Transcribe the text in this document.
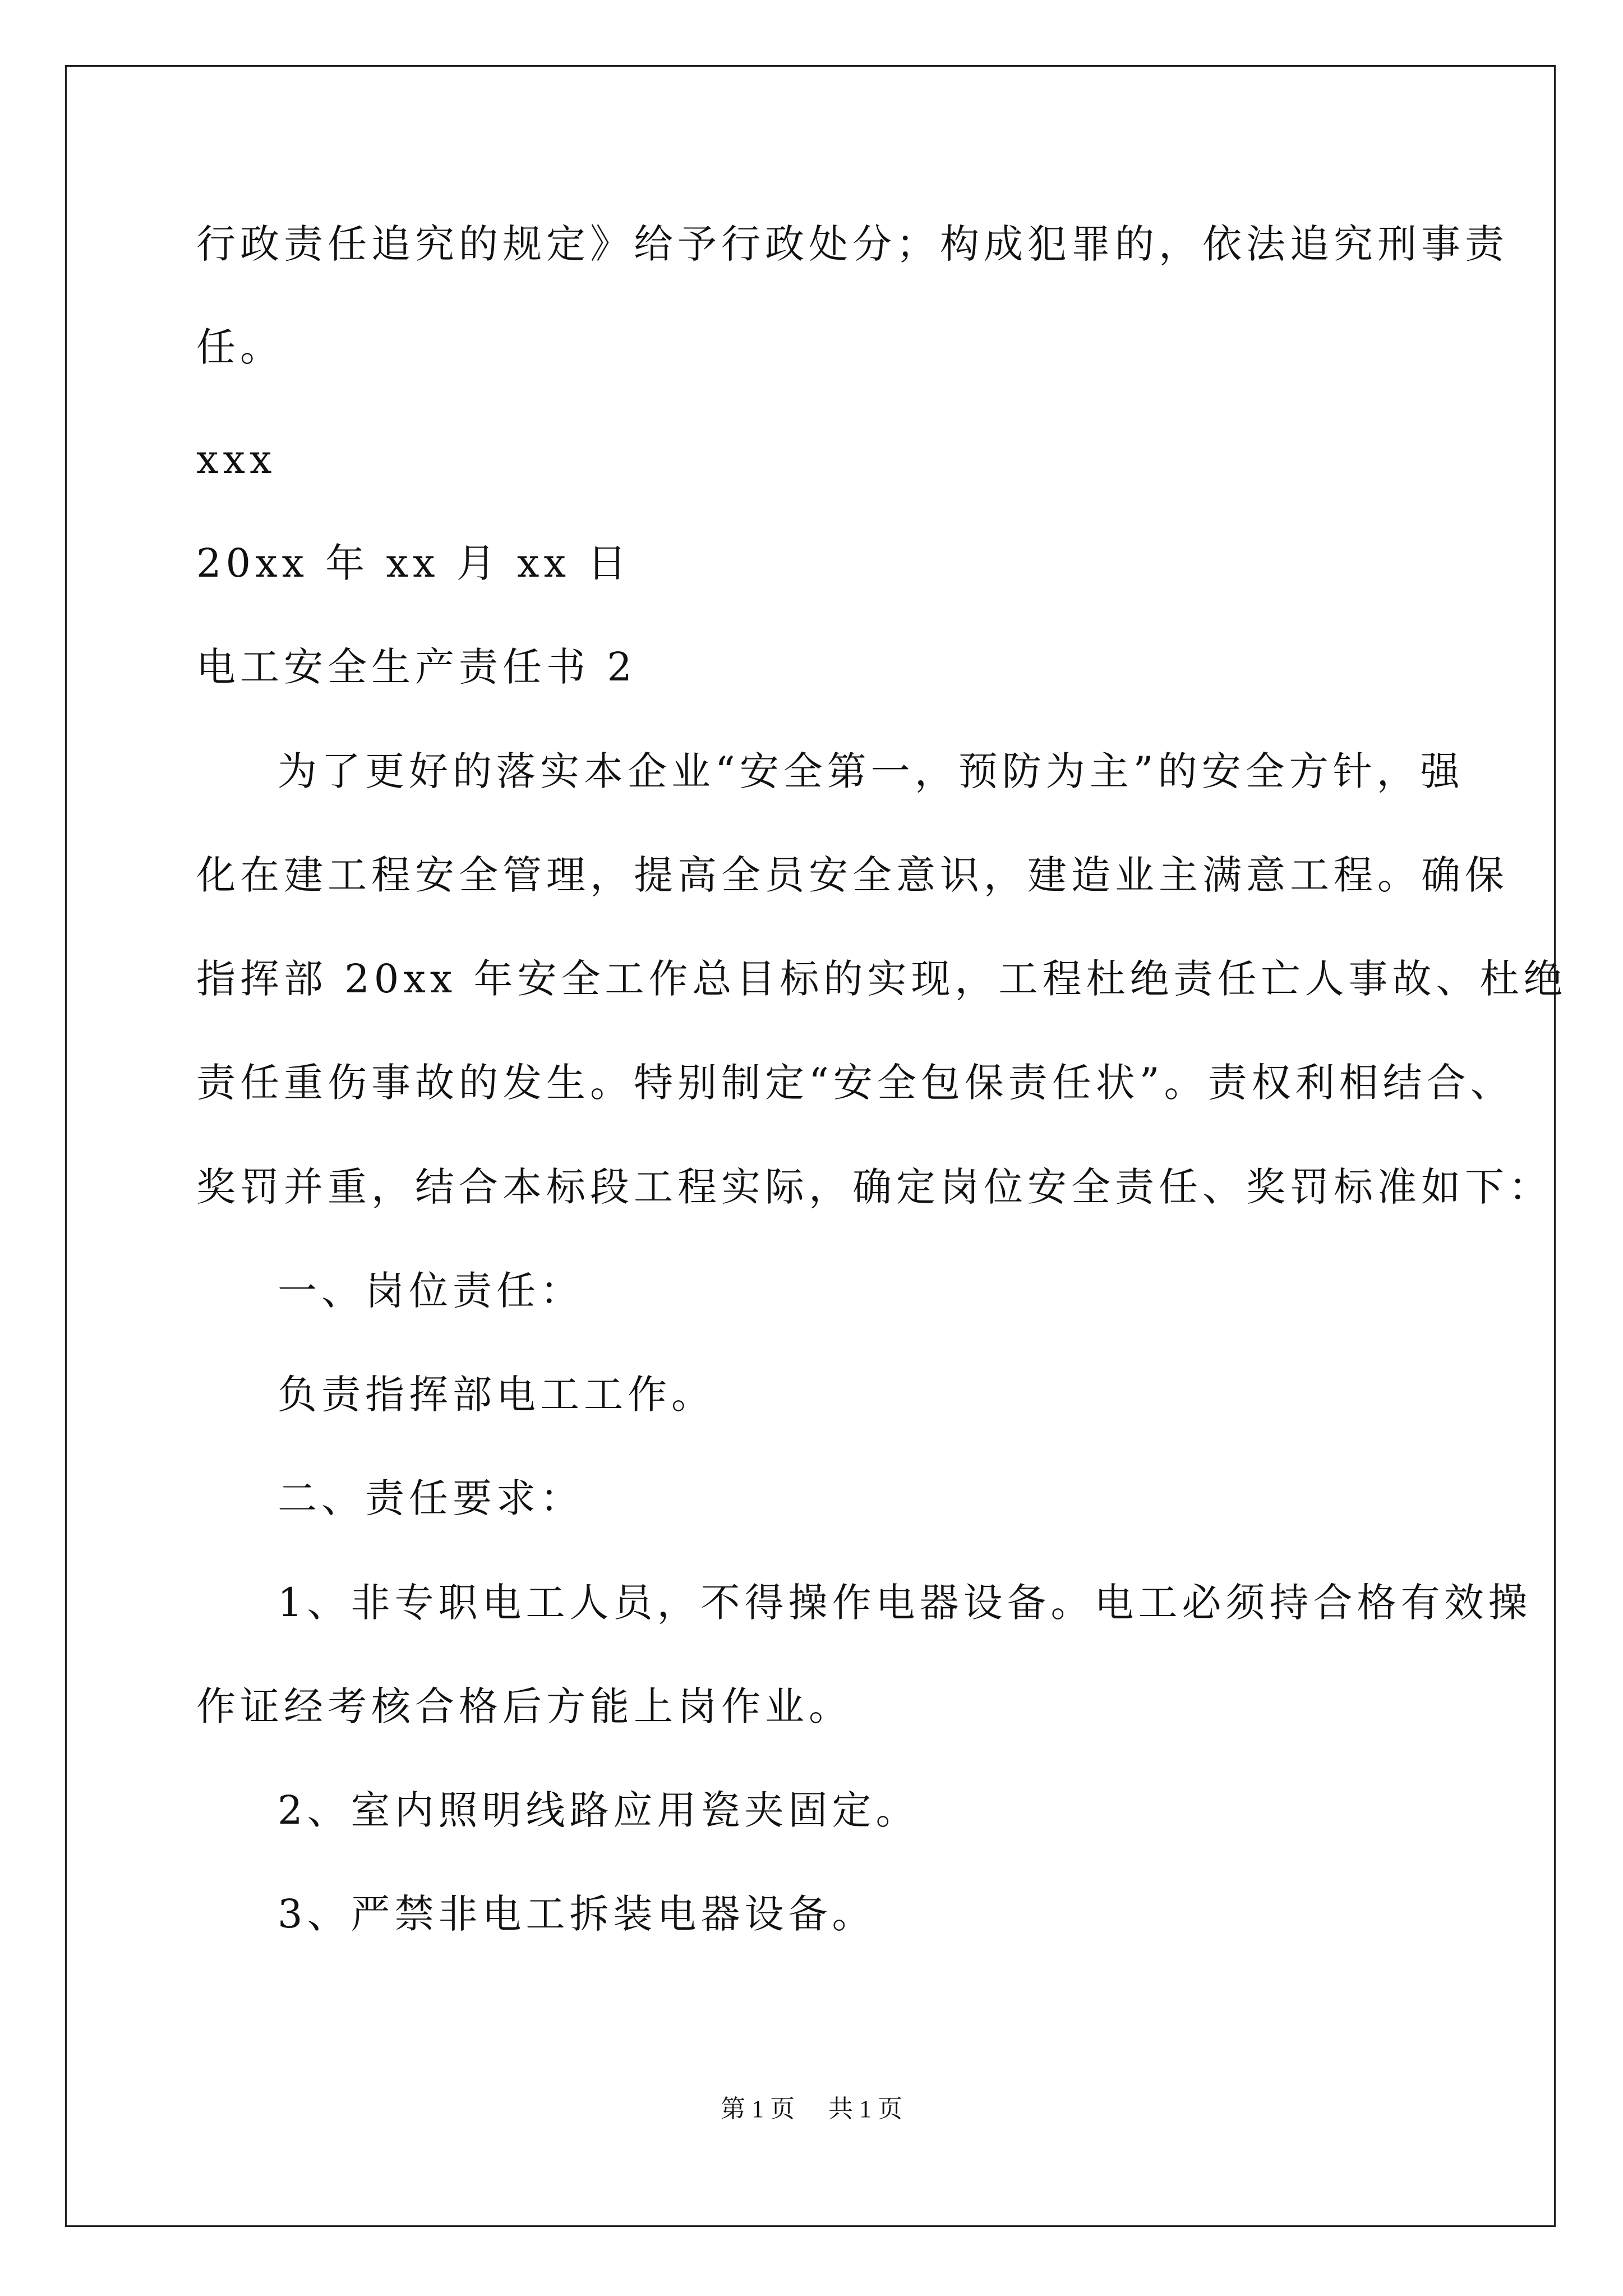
行政责任追究的规定》给予行政处分；构成犯罪的，依法追究刑事责
任。
xxx
20xx 年 xx 月 xx 日
电工安全生产责任书 2
为了更好的落实本企业“安全第一，预防为主”的安全方针，强
化在建工程安全管理，提高全员安全意识，建造业主满意工程。确保
指挥部 20xx 年安全工作总目标的实现，工程杜绝责任亡人事故、杜绝
责任重伤事故的发生。特别制定“安全包保责任状”。责权利相结合、
奖罚并重，结合本标段工程实际，确定岗位安全责任、奖罚标准如下：
一、岗位责任：
负责指挥部电工工作。
二、责任要求：
1、非专职电工人员，不得操作电器设备。电工必须持合格有效操
作证经考核合格后方能上岗作业。
2、室内照明线路应用瓷夹固定。
3、严禁非电工拆装电器设备。
第 1 页 共 1 页
